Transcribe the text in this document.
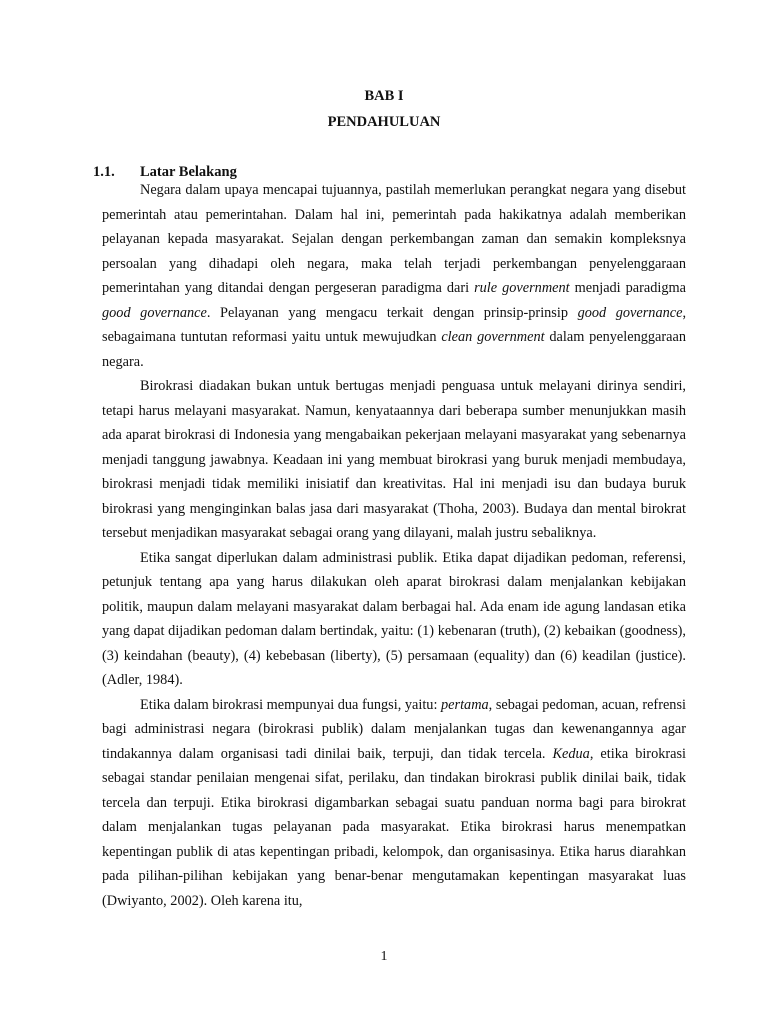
BAB I
PENDAHULUAN
1.1. Latar Belakang

Negara dalam upaya mencapai tujuannya, pastilah memerlukan perangkat negara yang disebut pemerintah atau pemerintahan. Dalam hal ini, pemerintah pada hakikatnya adalah memberikan pelayanan kepada masyarakat. Sejalan dengan perkembangan zaman dan semakin kompleksnya persoalan yang dihadapi oleh negara, maka telah terjadi perkembangan penyelenggaraan pemerintahan yang ditandai dengan pergeseran paradigma dari rule government menjadi paradigma good governance. Pelayanan yang mengacu terkait dengan prinsip-prinsip good governance, sebagaimana tuntutan reformasi yaitu untuk mewujudkan clean government dalam penyelenggaraan negara.

Birokrasi diadakan bukan untuk bertugas menjadi penguasa untuk melayani dirinya sendiri, tetapi harus melayani masyarakat. Namun, kenyataannya dari beberapa sumber menunjukkan masih ada aparat birokrasi di Indonesia yang mengabaikan pekerjaan melayani masyarakat yang sebenarnya menjadi tanggung jawabnya. Keadaan ini yang membuat birokrasi yang buruk menjadi membudaya, birokrasi menjadi tidak memiliki inisiatif dan kreativitas. Hal ini menjadi isu dan budaya buruk birokrasi yang menginginkan balas jasa dari masyarakat (Thoha, 2003). Budaya dan mental birokrat tersebut menjadikan masyarakat sebagai orang yang dilayani, malah justru sebaliknya.

Etika sangat diperlukan dalam administrasi publik. Etika dapat dijadikan pedoman, referensi, petunjuk tentang apa yang harus dilakukan oleh aparat birokrasi dalam menjalankan kebijakan politik, maupun dalam melayani masyarakat dalam berbagai hal. Ada enam ide agung landasan etika yang dapat dijadikan pedoman dalam bertindak, yaitu: (1) kebenaran (truth), (2) kebaikan (goodness), (3) keindahan (beauty), (4) kebebasan (liberty), (5) persamaan (equality) dan (6) keadilan (justice). (Adler, 1984).

Etika dalam birokrasi mempunyai dua fungsi, yaitu: pertama, sebagai pedoman, acuan, refrensi bagi administrasi negara (birokrasi publik) dalam menjalankan tugas dan kewenangannya agar tindakannya dalam organisasi tadi dinilai baik, terpuji, dan tidak tercela. Kedua, etika birokrasi sebagai standar penilaian mengenai sifat, perilaku, dan tindakan birokrasi publik dinilai baik, tidak tercela dan terpuji. Etika birokrasi digambarkan sebagai suatu panduan norma bagi para birokrat dalam menjalankan tugas pelayanan pada masyarakat. Etika birokrasi harus menempatkan kepentingan publik di atas kepentingan pribadi, kelompok, dan organisasinya. Etika harus diarahkan pada pilihan-pilihan kebijakan yang benar-benar mengutamakan kepentingan masyarakat luas (Dwiyanto, 2002). Oleh karena itu,

1
